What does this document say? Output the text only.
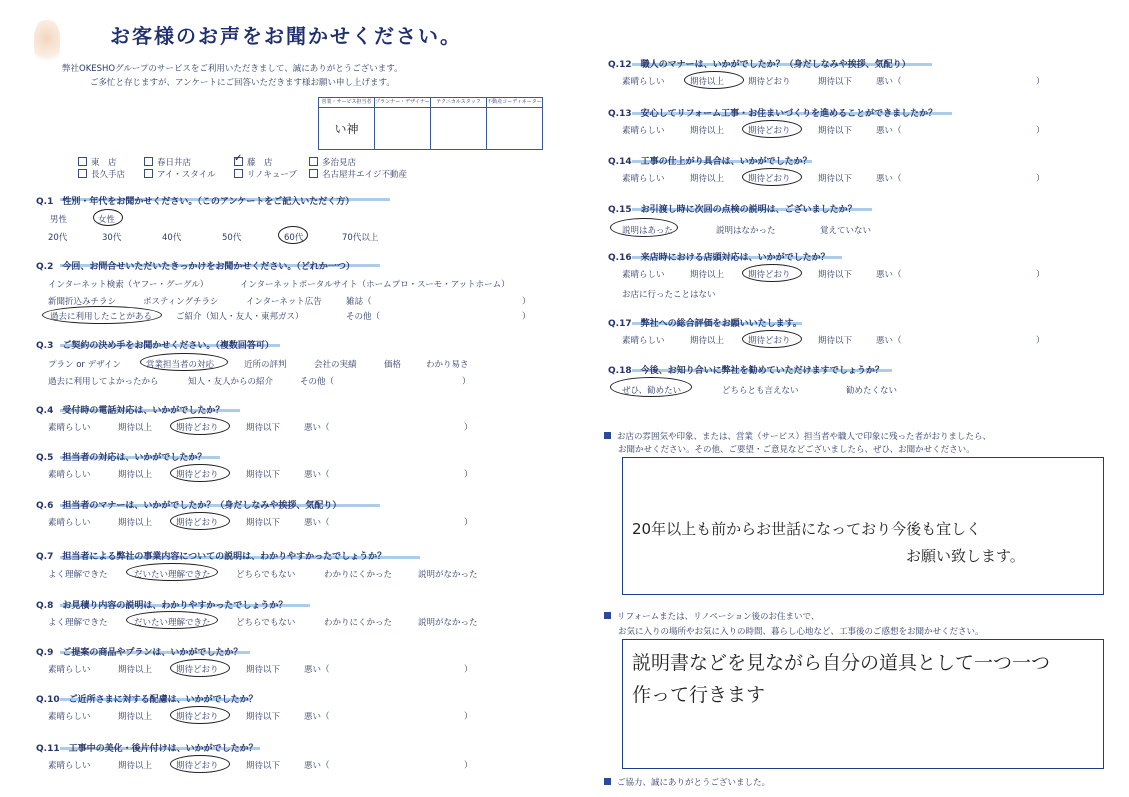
お客様のお声をお聞かせください。
弊社OKESHOグループのサービスをご利用いただきまして、誠にありがとうございます。
ご多忙と存じますが、アンケートにご回答いただきます様お願い申し上げます。
営業・サービス担当者	プランナー・デザイナー	テクニカルスタッフ	不動産コーディネーター
い神			
東　店	春日井店	藤　店	多治見店
長久手店	アイ・スタイル	リノキューブ	名古屋井エイジ不動産
✓
Q.1　性別・年代をお聞かせください。（このアンケートをご記入いただく方）
男性	女性
20代	30代	40代	50代	60代	70代以上
Q.2　今回、お問合せいただいたきっかけをお聞かせください。（どれか一つ）
インターネット検索（ヤフー・グーグル）	インターネットポータルサイト（ホームプロ・スーモ・アットホーム）
新聞折込みチラシ	ポスティングチラシ	インターネット広告	雑誌（	）
過去に利用したことがある	ご紹介（知人・友人・東邦ガス）	その他（	）
Q.3　ご契約の決め手をお聞かせください。（複数回答可）
プラン or デザイン	営業担当者の対応	近所の評判	会社の実績	価格	わかり易さ
過去に利用してよかったから	知人・友人からの紹介	その他（	）
Q.7　担当者による弊社の事業内容についての説明は、わかりやすかったでしょうか？
よく理解できた	だいたい理解できた	どちらでもない	わかりにくかった	説明がなかった
Q.8　お見積り内容の説明は、わかりやすかったでしょうか？
よく理解できた	だいたい理解できた	どちらでもない	わかりにくかった	説明がなかった
説明はあった	説明はなかった	覚えていない
お店に行ったことはない
ぜひ、勧めたい	どちらとも言えない	勧めたくない
お店の雰囲気や印象、または、営業（サービス）担当者や職人で印象に残った者がおりましたら、
お聞かせください。その他、ご要望・ご意見などございましたら、ぜひ、お聞かせください。
20年以上も前からお世話になっており今後も宜しく
お願い致します。
リフォームまたは、リノベーション後のお住まいで、
お気に入りの場所やお気に入りの時間、暮らし心地など、工事後のご感想をお聞かせください。
説明書などを見ながら自分の道具として一つ一つ
作って行きます
ご協力、誠にありがとうございました。
Q.4　受付時の電話対応は、いかがでしたか？
素晴らしい	期待以上	期待どおり	期待以下	悪い（	）
Q.5　担当者の対応は、いかがでしたか？
素晴らしい	期待以上	期待どおり	期待以下	悪い（	）
Q.6　担当者のマナーは、いかがでしたか？（身だしなみや挨拶、気配り）
素晴らしい	期待以上	期待どおり	期待以下	悪い（	）
Q.9　ご提案の商品やプランは、いかがでしたか？
素晴らしい	期待以上	期待どおり	期待以下	悪い（	）
Q.10　ご近所さまに対する配慮は、いかがでしたか？
素晴らしい	期待以上	期待どおり	期待以下	悪い（	）
Q.11　工事中の美化・後片付けは、いかがでしたか？
素晴らしい	期待以上	期待どおり	期待以下	悪い（	）
Q.12　職人のマナーは、いかがでしたか？（身だしなみや挨拶、気配り）
素晴らしい	期待以上	期待どおり	期待以下	悪い（	）
Q.13　安心してリフォーム工事・お住まいづくりを進めることができましたか？
素晴らしい	期待以上	期待どおり	期待以下	悪い（	）
Q.14　工事の仕上がり具合は、いかがでしたか？
素晴らしい	期待以上	期待どおり	期待以下	悪い（	）
Q.15　お引渡し時に次回の点検の説明は、ございましたか？
Q.16　来店時における店頭対応は、いかがでしたか？
素晴らしい	期待以上	期待どおり	期待以下	悪い（	）
Q.17　弊社への総合評価をお願いいたします。
素晴らしい	期待以上	期待どおり	期待以下	悪い（	）
Q.18　今後、お知り合いに弊社を勧めていただけますでしょうか？
